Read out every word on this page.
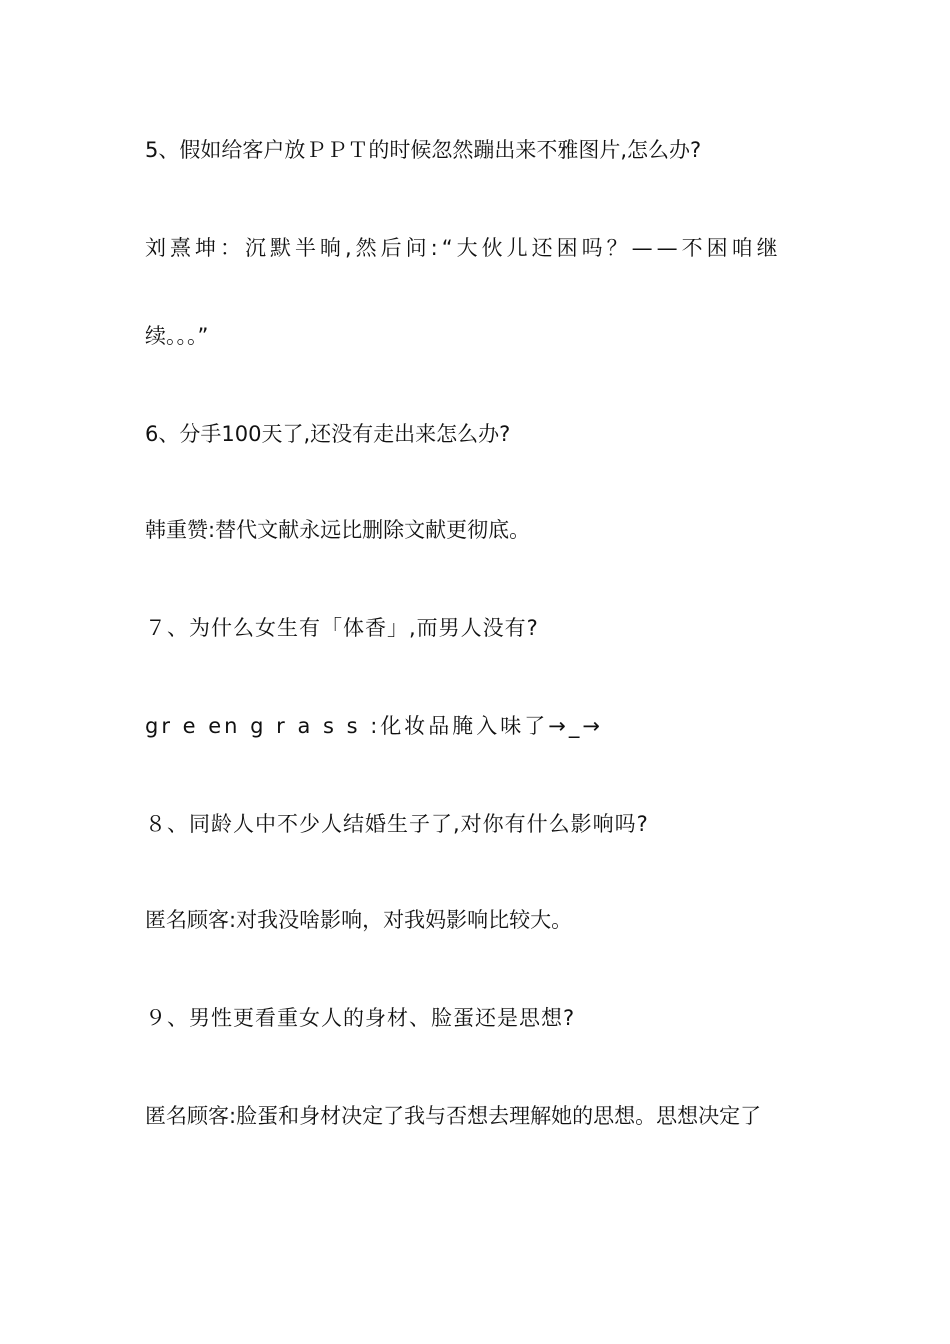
5、假如给客户放ＰＰＴ的时候忽然蹦出来不雅图片,怎么办?
刘熹坤：沉默半晌,然后问:“大伙儿还困吗？——不困咱继
续。。。”
6、分手100天了,还没有走出来怎么办?
韩重赞:替代文献永远比删除文献更彻底。
７、为什么女生有「体香」,而男人没有?
gr e en g r a s s :化妆品腌入味了→_→
８、同龄人中不少人结婚生子了,对你有什么影响吗?
匿名顾客:对我没啥影响，对我妈影响比较大。
９、男性更看重女人的身材、脸蛋还是思想?
匿名顾客:脸蛋和身材决定了我与否想去理解她的思想。思想决定了
